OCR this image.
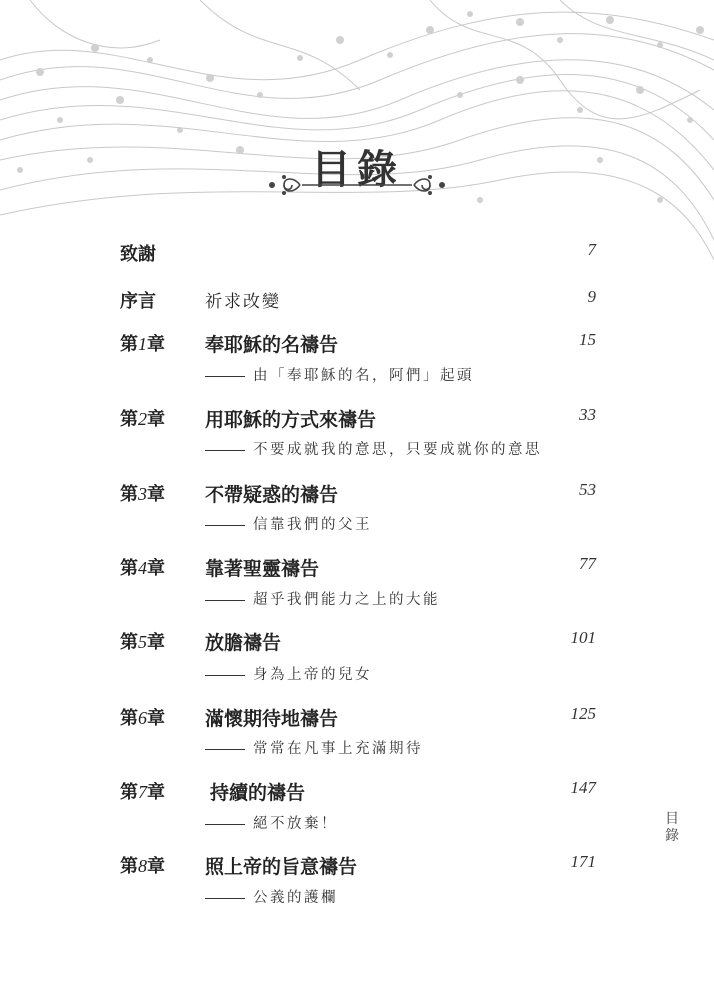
目錄
致謝	7
序言	祈求改變	9
第1章 奉耶穌的名禱告	15
由「奉耶穌的名，阿們」起頭
第2章 用耶穌的方式來禱告	33
不要成就我的意思，只要成就你的意思
第3章 不帶疑惑的禱告	53
信靠我們的父王
第4章 靠著聖靈禱告	77
超乎我們能力之上的大能
第5章 放膽禱告	101
身為上帝的兒女
第6章 滿懷期待地禱告	125
常常在凡事上充滿期待
第7章 持續的禱告	147
絕不放棄！
第8章 照上帝的旨意禱告	171
公義的護欄
目
錄
